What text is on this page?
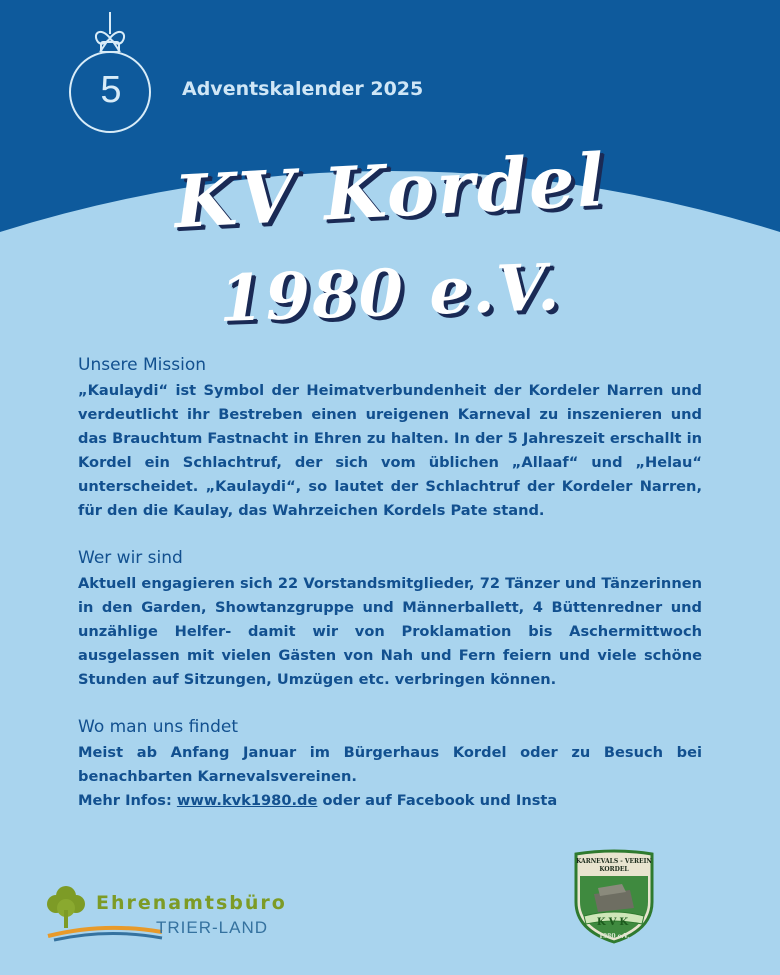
5	Adventskalender 2025
KV Kordel
1980 e.V.
Unsere Mission

„Kaulaydi“ ist Symbol der Heimatverbundenheit der Kordeler Narren und verdeutlicht ihr Bestreben einen ureigenen Karneval zu inszenieren und das Brauchtum Fastnacht in Ehren zu halten. In der 5 Jahreszeit erschallt in Kordel ein Schlachtruf, der sich vom üblichen „Allaaf“ und „Helau“ unterscheidet. „Kaulaydi“, so lautet der Schlachtruf der Kordeler Narren, für den die Kaulay, das Wahrzeichen Kordels Pate stand.

Wer wir sind

Aktuell engagieren sich 22 Vorstandsmitglieder, 72 Tänzer und Tänzerinnen in den Garden, Showtanzgruppe und Männerballett, 4 Büttenredner und unzählige Helfer- damit wir von Proklamation bis Aschermittwoch ausgelassen mit vielen Gästen von Nah und Fern feiern und viele schöne Stunden auf Sitzungen, Umzügen etc. verbringen können.

Wo man uns findet

Meist ab Anfang Januar im Bürgerhaus Kordel oder zu Besuch bei benachbarten Karnevalsvereinen.

Mehr Infos: www.kvk1980.de oder auf Facebook und Insta

Ehrenamtsbüro
TRIER-LAND
KARNEVALS - VEREIN
KORDEL
KVK
1980 e.V.
